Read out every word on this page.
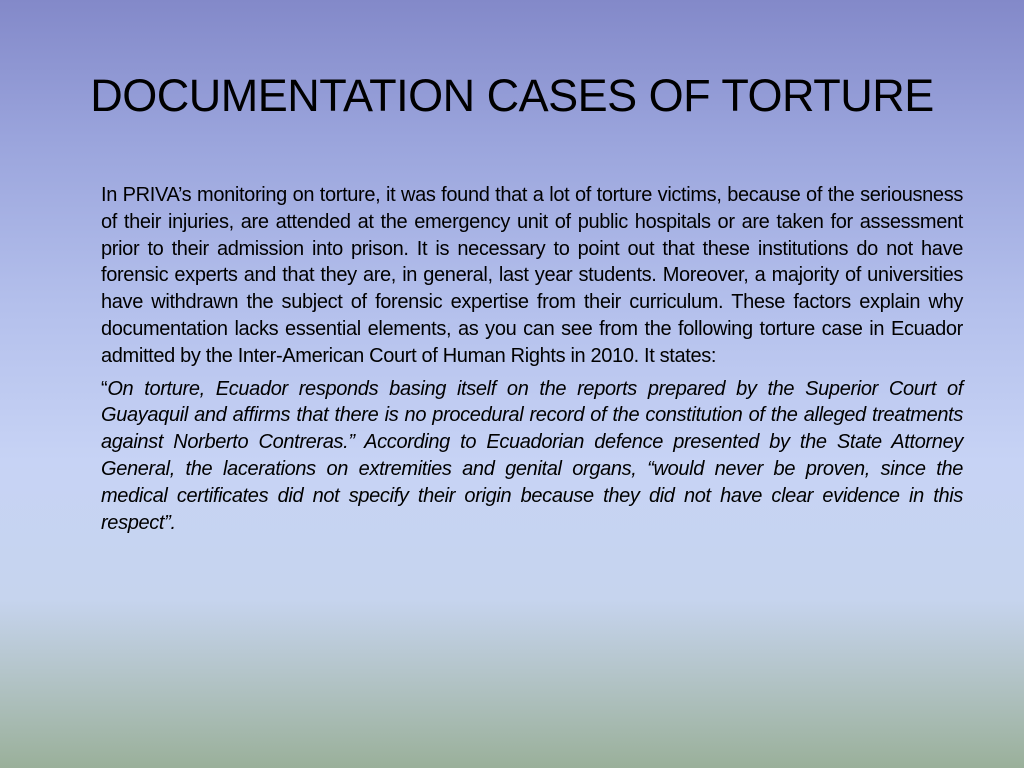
DOCUMENTATION CASES OF TORTURE

In PRIVA’s monitoring on torture, it was found that a lot of torture victims, because of the seriousness of their injuries, are attended at the emergency unit of public hospitals or are taken for assessment prior to their admission into prison. It is necessary to point out that these institutions do not have forensic experts and that they are, in general, last year students. Moreover, a majority of universities have withdrawn the subject of forensic expertise from their curriculum. These factors explain why documentation lacks essential elements, as you can see from the following torture case in Ecuador admitted by the Inter-American Court of Human Rights in 2010. It states:

“On torture, Ecuador responds basing itself on the reports prepared by the Superior Court of Guayaquil and affirms that there is no procedural record of the constitution of the alleged treatments against Norberto Contreras.” According to Ecuadorian defence presented by the State Attorney General, the lacerations on extremities and genital organs, “would never be proven, since the medical certificates did not specify their origin because they did not have clear evidence in this respect”.
